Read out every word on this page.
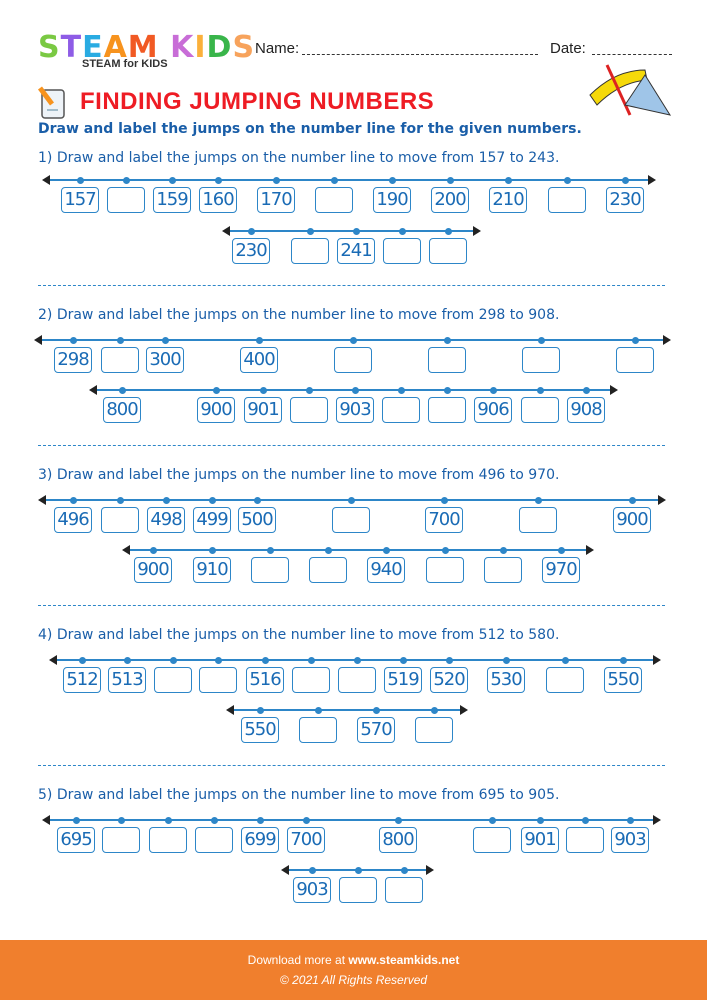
STEAM KIDS
STEAM for KIDS
Name:	Date:
FINDING JUMPING NUMBERS
Draw and label the jumps on the number line for the given numbers.
1) Draw and label the jumps on the number line to move from 157 to 243.
157	159 160 170	190 200 210	230
230	241
2) Draw and label the jumps on the number line to move from 298 to 908.
298	300	400
800	900 901	903	906	908
3) Draw and label the jumps on the number line to move from 496 to 970.
496	498 499 500	700	900
900 910	940	970
4) Draw and label the jumps on the number line to move from 512 to 580.
512 513	516	519 520 530	550
550	570
5) Draw and label the jumps on the number line to move from 695 to 905.
695	699 700	800	901	903
903
Download more at www.steamkids.net
© 2021 All Rights Reserved
